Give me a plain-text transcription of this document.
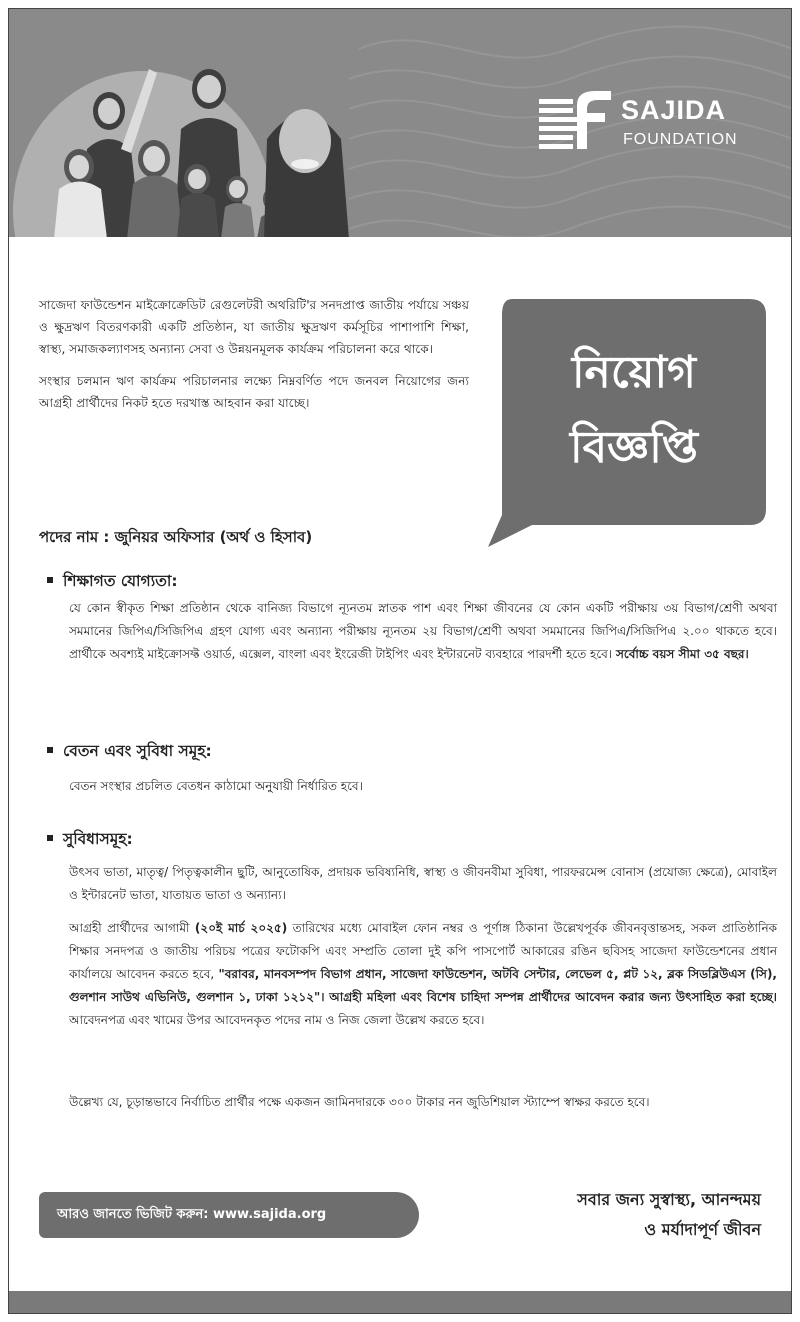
SAJIDA
FOUNDATION
নিয়োগ
বিজ্ঞপ্তি

সাজেদা ফাউন্ডেশন মাইক্রোক্রেডিট রেগুলেটরী অথরিটি'র সনদপ্রাপ্ত জাতীয় পর্যায়ে সঞ্চয় ও ক্ষুদ্রঋণ বিতরণকারী একটি প্রতিষ্ঠান, যা জাতীয় ক্ষুদ্রঋণ কর্মসূচির পাশাপাশি শিক্ষা, স্বাস্থ্য, সমাজকল্যাণসহ অন্যান্য সেবা ও উন্নয়নমূলক কার্যক্রম পরিচালনা করে থাকে।

সংস্থার চলমান ঋণ কার্যক্রম পরিচালনার লক্ষ্যে নিম্নবর্ণিত পদে জনবল নিয়োগের জন্য আগ্রহী প্রার্থীদের নিকট হতে দরখাস্ত আহবান করা যাচ্ছে।

পদের নাম : জুনিয়র অফিসার (অর্থ ও হিসাব)
শিক্ষাগত যোগ্যতা:
যে কোন স্বীকৃত শিক্ষা প্রতিষ্ঠান থেকে বানিজ্য বিভাগে ন্যূনতম স্নাতক পাশ এবং শিক্ষা জীবনের যে কোন একটি পরীক্ষায় ৩য় বিভাগ/শ্রেণী অথবা সমমানের জিপিএ/সিজিপিএ গ্রহণ যোগ্য এবং অন্যান্য পরীক্ষায় ন্যূনতম ২য় বিভাগ/শ্রেণী অথবা সমমানের জিপিএ/সিজিপিএ ২.০০ থাকতে হবে। প্রার্থীকে অবশ্যই মাইক্রোসফ্ট ওয়ার্ড, এক্সেল, বাংলা এবং ইংরেজী টাইপিং এবং ইন্টারনেট ব্যবহারে পারদর্শী হতে হবে। সর্বোচ্চ বয়স সীমা ৩৫ বছর।
বেতন এবং সুবিধা সমূহ:
বেতন সংস্থার প্রচলিত বেতধন কাঠামো অনুযায়ী নির্ধারিত হবে।
সুবিধাসমূহ:
উৎসব ভাতা, মাতৃত্ব/ পিতৃত্বকালীন ছুটি, আনুতোষিক, প্রদায়ক ভবিষ্যনিধি, স্বাস্থ্য ও জীবনবীমা সুবিধা, পারফরমেন্স বোনাস (প্রযোজ্য ক্ষেত্রে), মোবাইল ও ইন্টারনেট ভাতা, যাতায়ত ভাতা ও অন্যান্য।
আগ্রহী প্রার্থীদের আগামী (২০ই মার্চ ২০২৫) তারিখের মধ্যে মোবাইল ফোন নম্বর ও পূর্ণাঙ্গ ঠিকানা উল্লেখপূর্বক জীবনবৃত্তান্তসহ, সকল প্রাতিষ্ঠানিক শিক্ষার সনদপত্র ও জাতীয় পরিচয় পত্রের ফটোকপি এবং সম্প্রতি তোলা দুই কপি পাসপোর্ট আকারের রঙিন ছবিসহ সাজেদা ফাউন্ডেশনের প্রধান কার্যালয়ে আবেদন করতে হবে, "বরাবর, মানবসম্পদ বিভাগ প্রধান, সাজেদা ফাউন্ডেশন, অটবি সেন্টার, লেভেল ৫, প্লট ১২, ব্লক সিডব্লিউএস (সি), গুলশান সাউথ এভিনিউ, গুলশান ১, ঢাকা ১২১২"। আগ্রহী মহিলা এবং বিশেষ চাহিদা সম্পন্ন প্রার্থীদের আবেদন করার জন্য উৎসাহিত করা হচ্ছে। আবেদনপত্র এবং খামের উপর আবেদনকৃত পদের নাম ও নিজ জেলা উল্লেখ করতে হবে।
উল্লেখ্য যে, চূড়ান্তভাবে নির্বাচিত প্রার্থীর পক্ষে একজন জামিনদারকে ৩০০ টাকার নন জুডিশিয়াল স্ট্যাম্পে স্বাক্ষর করতে হবে।
আরও জানতে ভিজিট করুন: www.sajida.org
সবার জন্য সুস্বাস্থ্য, আনন্দময়
ও মর্যাদাপূর্ণ জীবন
